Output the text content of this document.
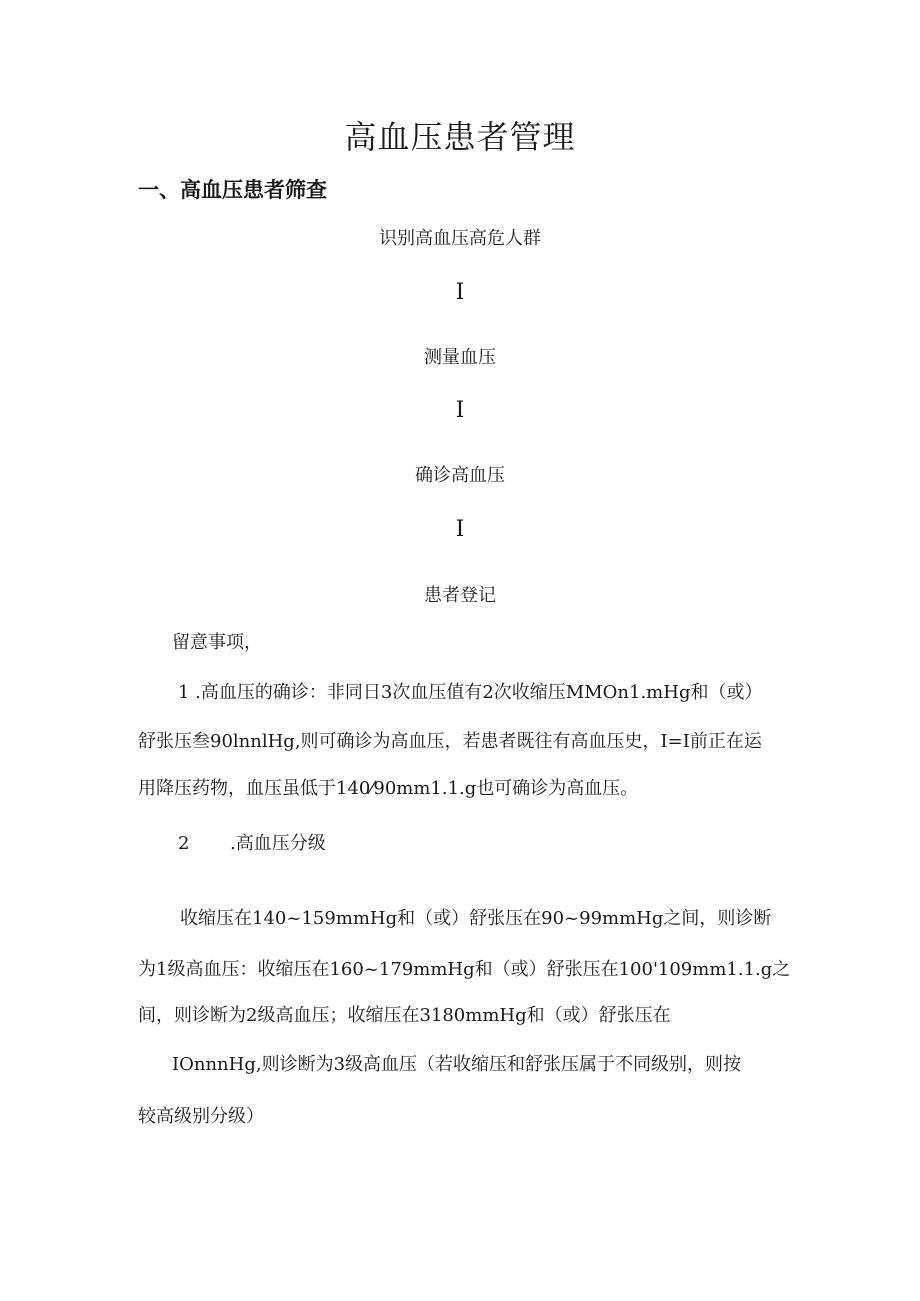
高血压患者管理
一、高血压患者筛查
识别高血压高危人群
I
测量血压
I
确诊高血压
I
患者登记
留意事项，
1 .高血压的确诊：非同日3次血压值有2次收缩压MMOn1.mHg和（或）
舒张压叁90lnnlHg,则可确诊为高血压，若患者既往有高血压史，I=I前正在运
用降压药物，血压虽低于140⁄90mm1.1.g也可确诊为高血压。
2 .高血压分级
收缩压在140~159mmHg和（或）舒张压在90~99mmHg之间，则诊断
为1级高血压：收缩压在160~179mmHg和（或）舒张压在100'109mm1.1.g之
间，则诊断为2级高血压；收缩压在3180mmHg和（或）舒张压在
IOnnnHg,则诊断为3级高血压（若收缩压和舒张压属于不同级别，则按
较高级别分级）
